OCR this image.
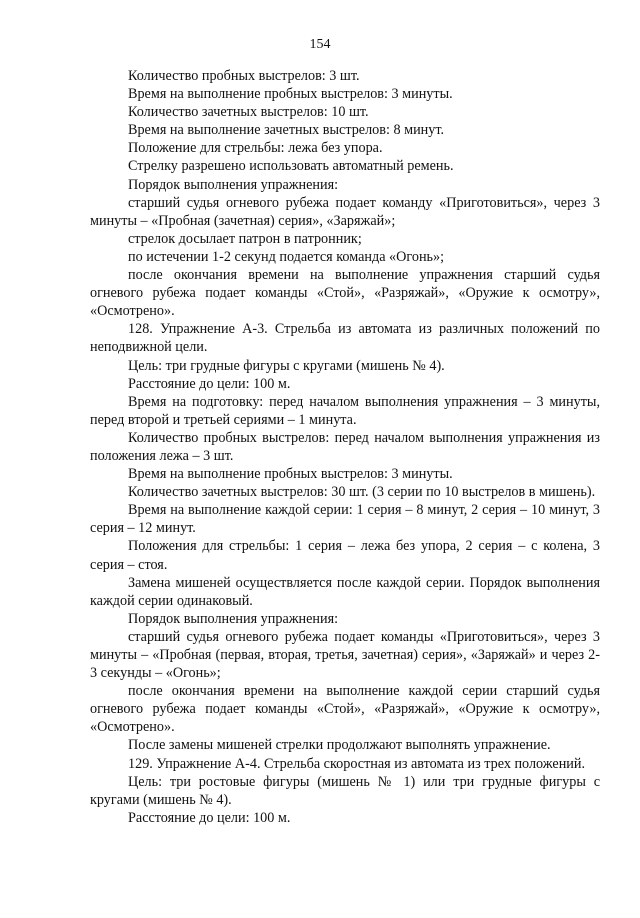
154

Количество пробных выстрелов: 3 шт.

Время на выполнение пробных выстрелов: 3 минуты.

Количество зачетных выстрелов: 10 шт.

Время на выполнение зачетных выстрелов: 8 минут.

Положение для стрельбы: лежа без упора.

Стрелку разрешено использовать автоматный ремень.

Порядок выполнения упражнения:

старший судья огневого рубежа подает команду «Приготовиться», через 3 минуты – «Пробная (зачетная) серия», «Заряжай»;

стрелок досылает патрон в патронник;

по истечении 1-2 секунд подается команда «Огонь»;

после окончания времени на выполнение упражнения старший судья огневого рубежа подает команды «Стой», «Разряжай», «Оружие к осмотру», «Осмотрено».

128. Упражнение А-3. Стрельба из автомата из различных положений по неподвижной цели.

Цель: три грудные фигуры с кругами (мишень № 4).

Расстояние до цели: 100 м.

Время на подготовку: перед началом выполнения упражнения – 3 минуты, перед второй и третьей сериями – 1 минута.

Количество пробных выстрелов: перед началом выполнения упражнения из положения лежа – 3 шт.

Время на выполнение пробных выстрелов: 3 минуты.

Количество зачетных выстрелов: 30 шт. (3 серии по 10 выстрелов в мишень).

Время на выполнение каждой серии: 1 серия – 8 минут, 2 серия – 10 минут, 3 серия – 12 минут.

Положения для стрельбы: 1 серия – лежа без упора, 2 серия – с колена, 3 серия – стоя.

Замена мишеней осуществляется после каждой серии. Порядок выполнения каждой серии одинаковый.

Порядок выполнения упражнения:

старший судья огневого рубежа подает команды «Приготовиться», через 3 минуты – «Пробная (первая, вторая, третья, зачетная) серия», «Заряжай» и через 2-3 секунды – «Огонь»;

после окончания времени на выполнение каждой серии старший судья огневого рубежа подает команды «Стой», «Разряжай», «Оружие к осмотру», «Осмотрено».

После замены мишеней стрелки продолжают выполнять упражнение.

129. Упражнение А-4. Стрельба скоростная из автомата из трех положений.

Цель: три ростовые фигуры (мишень № 1) или три грудные фигуры с кругами (мишень № 4).

Расстояние до цели: 100 м.
